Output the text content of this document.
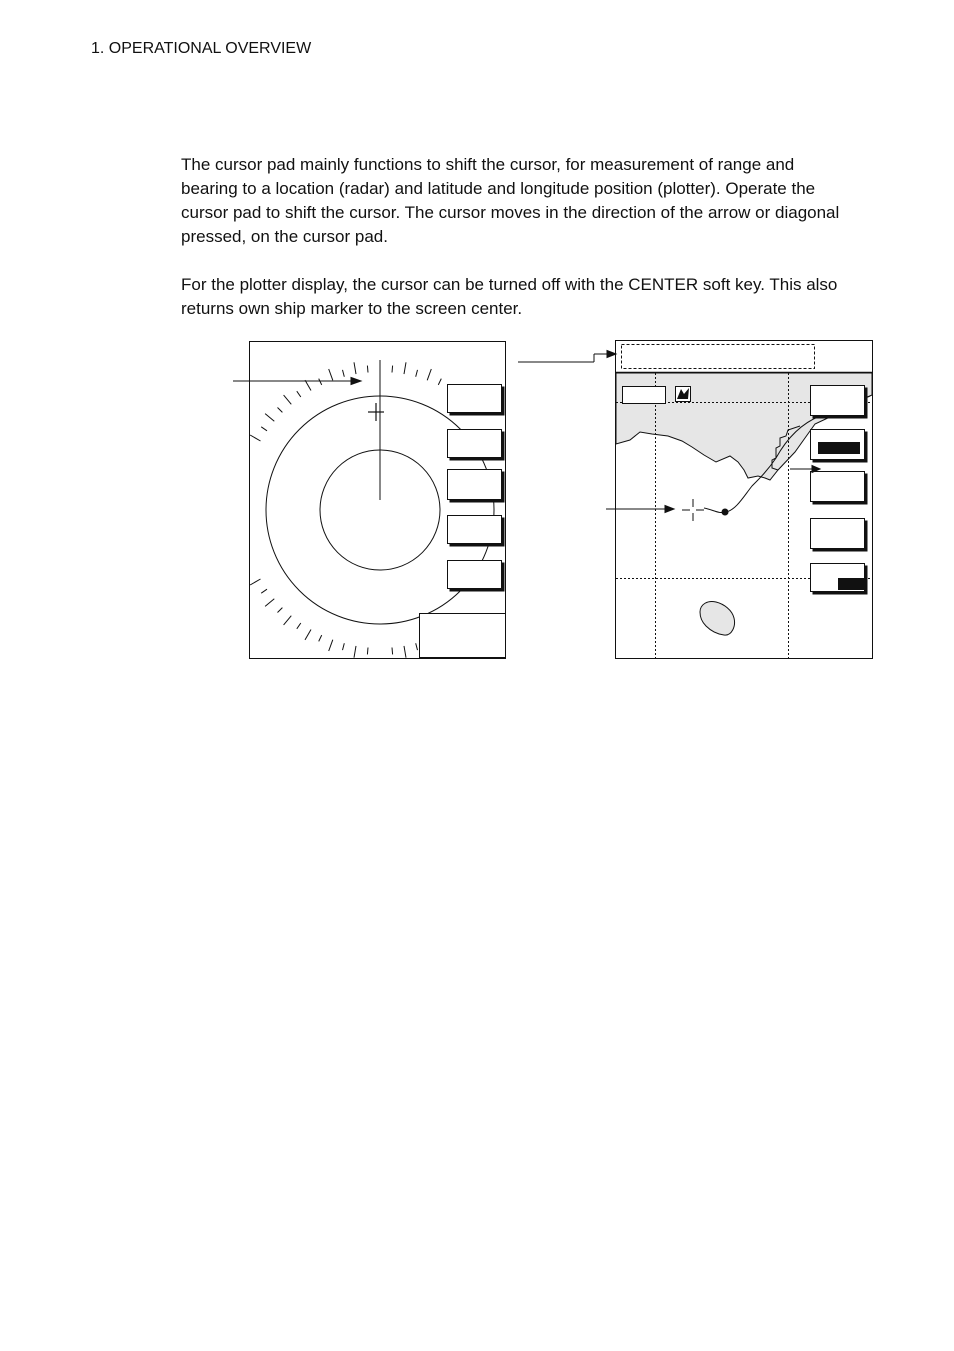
1. OPERATIONAL OVERVIEW

The cursor pad mainly functions to shift the cursor, for measurement of range and bearing to a location (radar) and latitude and longitude position (plotter). Operate the cursor pad to shift the cursor. The cursor moves in the direction of the arrow or diagonal pressed, on the cursor pad.

For the plotter display, the cursor can be turned off with the CENTER soft key. This also returns own ship marker to the screen center.
